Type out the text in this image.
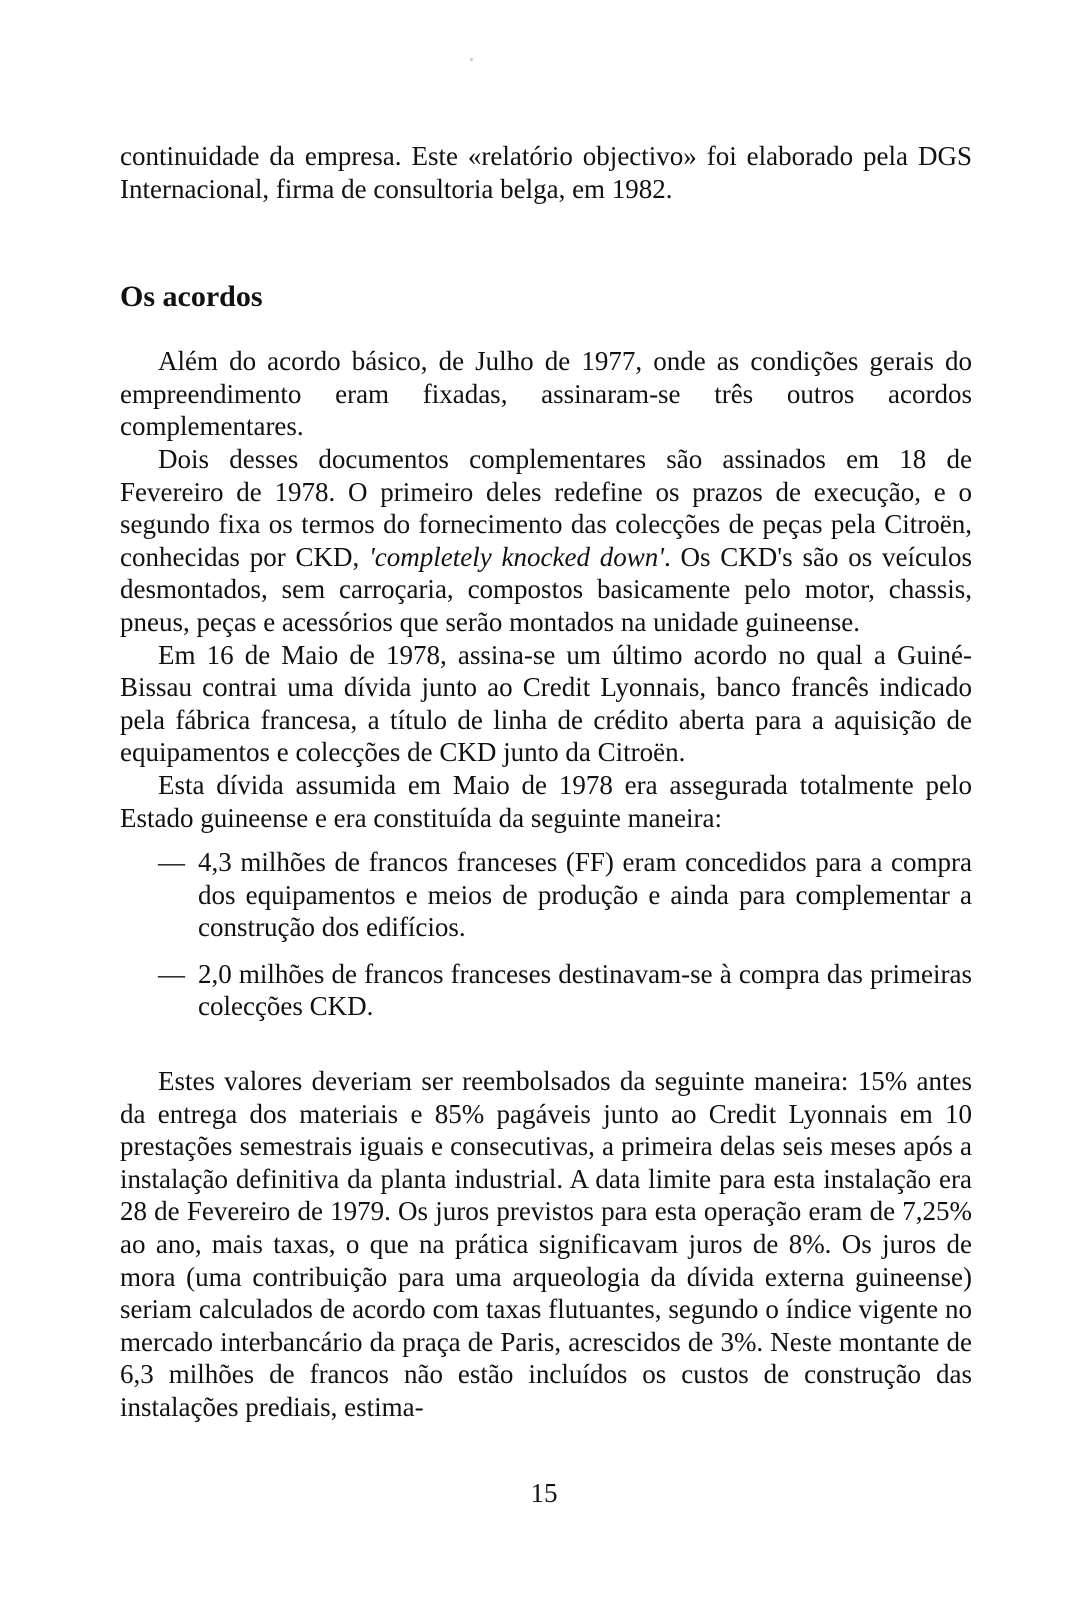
continuidade da empresa. Este «relatório objectivo» foi elaborado pela DGS Internacional, firma de consultoria belga, em 1982.

Os acordos

Além do acordo básico, de Julho de 1977, onde as condições gerais do empreendimento eram fixadas, assinaram-se três outros acordos complementares.

Dois desses documentos complementares são assinados em 18 de Fevereiro de 1978. O primeiro deles redefine os prazos de execução, e o segundo fixa os termos do fornecimento das colecções de peças pela Citroën, conhecidas por CKD, 'completely knocked down'. Os CKD's são os veículos desmontados, sem carroçaria, compostos basicamente pelo motor, chassis, pneus, peças e acessórios que serão montados na unidade guineense.

Em 16 de Maio de 1978, assina-se um último acordo no qual a Guiné-Bissau contrai uma dívida junto ao Credit Lyonnais, banco francês indicado pela fábrica francesa, a título de linha de crédito aberta para a aquisição de equipamentos e colecções de CKD junto da Citroën.

Esta dívida assumida em Maio de 1978 era assegurada totalmente pelo Estado guineense e era constituída da seguinte maneira:

— 4,3 milhões de francos franceses (FF) eram concedidos para a compra dos equipamentos e meios de produção e ainda para complementar a construção dos edifícios.
— 2,0 milhões de francos franceses destinavam-se à compra das primeiras colecções CKD.

Estes valores deveriam ser reembolsados da seguinte maneira: 15% antes da entrega dos materiais e 85% pagáveis junto ao Credit Lyonnais em 10 prestações semestrais iguais e consecutivas, a primeira delas seis meses após a instalação definitiva da planta industrial. A data limite para esta instalação era 28 de Fevereiro de 1979. Os juros previstos para esta operação eram de 7,25% ao ano, mais taxas, o que na prática significavam juros de 8%. Os juros de mora (uma contribuição para uma arqueologia da dívida externa guineense) seriam calculados de acordo com taxas flutuantes, segundo o índice vigente no mercado interbancário da praça de Paris, acrescidos de 3%. Neste montante de 6,3 milhões de francos não estão incluídos os custos de construção das instalações prediais, estima-

15
